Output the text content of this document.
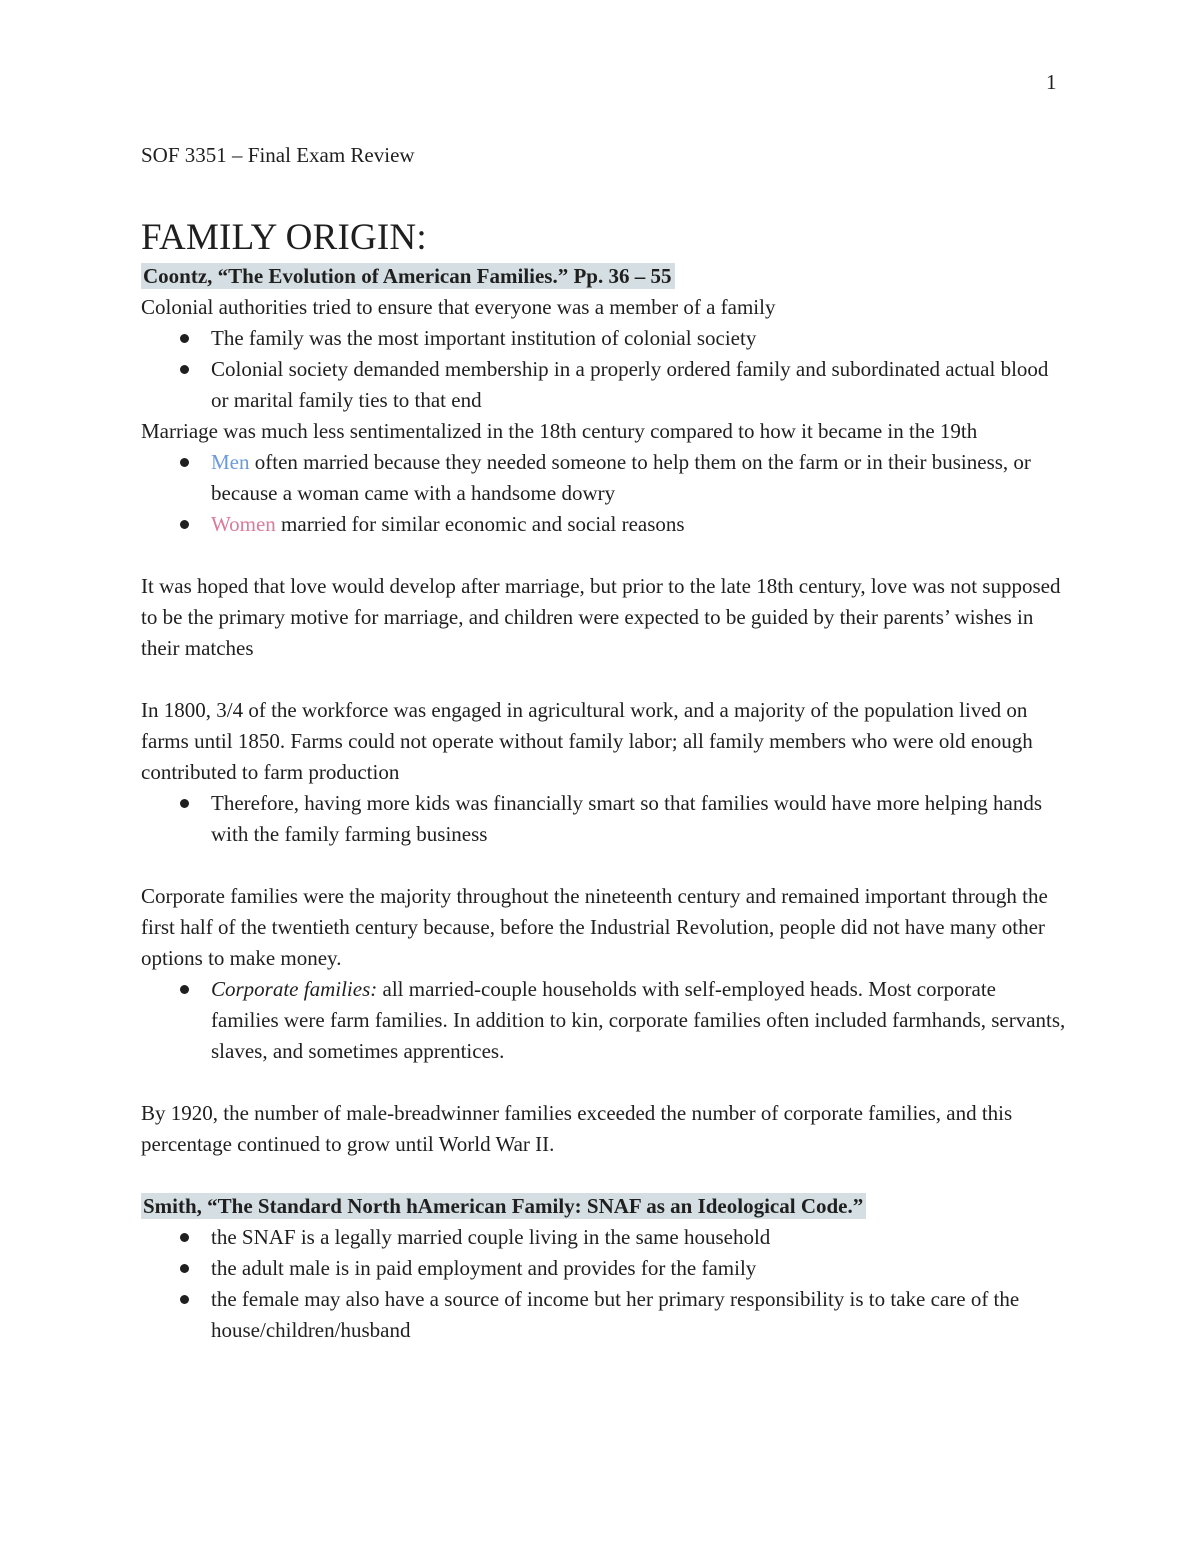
1

SOF 3351 – Final Exam Review

FAMILY ORIGIN:

Coontz, “The Evolution of American Families.” Pp. 36 – 55

Colonial authorities tried to ensure that everyone was a member of a family

The family was the most important institution of colonial society
Colonial society demanded membership in a properly ordered family and subordinated actual blood or marital family ties to that end

Marriage was much less sentimentalized in the 18th century compared to how it became in the 19th

Men often married because they needed someone to help them on the farm or in their business, or because a woman came with a handsome dowry
Women married for similar economic and social reasons

It was hoped that love would develop after marriage, but prior to the late 18th century, love was not supposed to be the primary motive for marriage, and children were expected to be guided by their parents’ wishes in their matches

In 1800, 3/4 of the workforce was engaged in agricultural work, and a majority of the population lived on farms until 1850. Farms could not operate without family labor; all family members who were old enough contributed to farm production

Therefore, having more kids was financially smart so that families would have more helping hands with the family farming business

Corporate families were the majority throughout the nineteenth century and remained important through the first half of the twentieth century because, before the Industrial Revolution, people did not have many other options to make money.

Corporate families: all married-couple households with self-employed heads. Most corporate families were farm families. In addition to kin, corporate families often included farmhands, servants, slaves, and sometimes apprentices.

By 1920, the number of male-breadwinner families exceeded the number of corporate families, and this percentage continued to grow until World War II.

Smith, “The Standard North hAmerican Family: SNAF as an Ideological Code.”

the SNAF is a legally married couple living in the same household
the adult male is in paid employment and provides for the family
the female may also have a source of income but her primary responsibility is to take care of the house/children/husband
